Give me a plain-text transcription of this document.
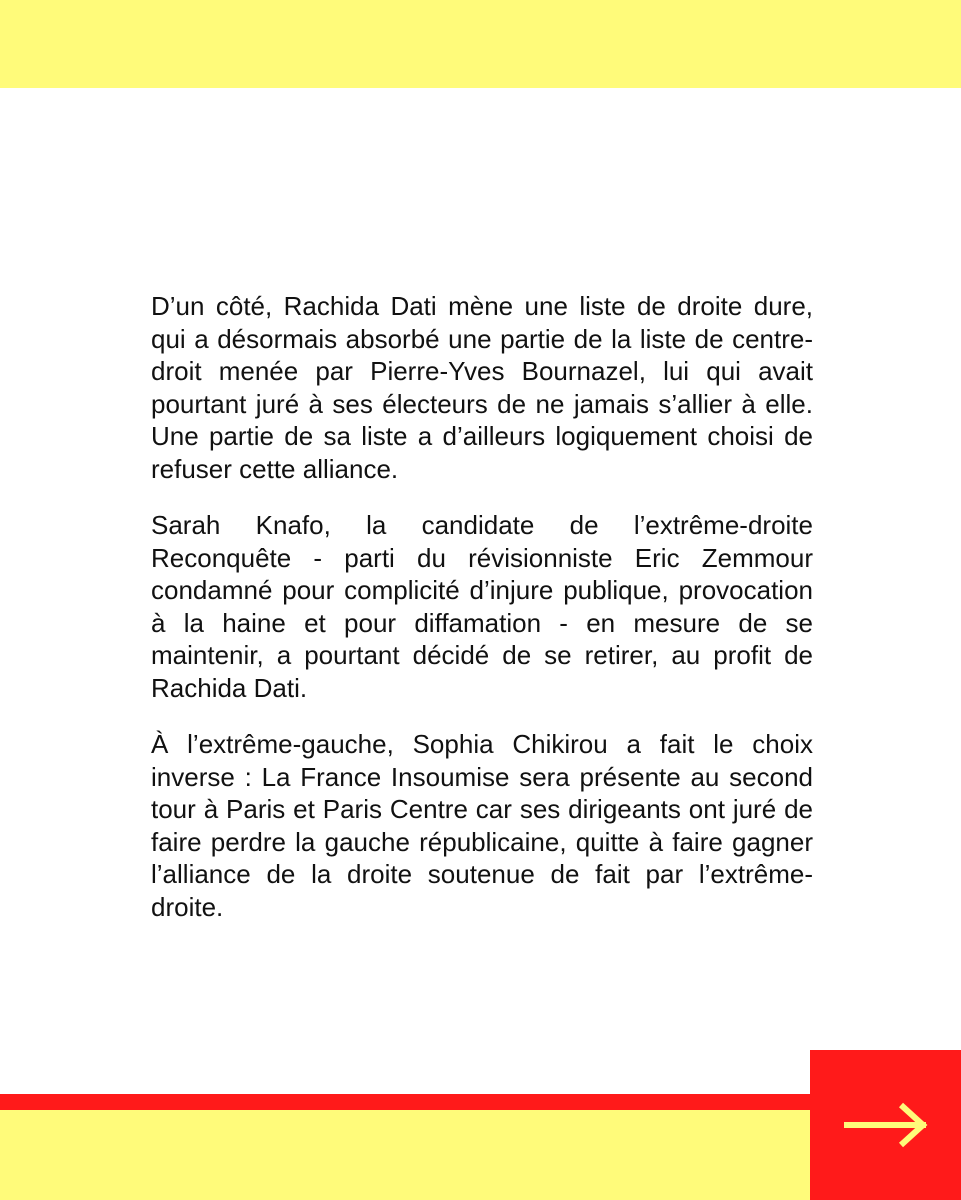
D’un côté, Rachida Dati mène une liste de droite dure, qui a désormais absorbé une partie de la liste de centre-droit menée par Pierre-Yves Bournazel, lui qui avait pourtant juré à ses électeurs de ne jamais s’allier à elle. Une partie de sa liste a d’ailleurs logiquement choisi de refuser cette alliance.

Sarah Knafo, la candidate de l’extrême-droite Reconquête - parti du révisionniste Eric Zemmour condamné pour complicité d’injure publique, provocation à la haine et pour diffamation - en mesure de se maintenir, a pourtant décidé de se retirer, au profit de Rachida Dati.

À l’extrême-gauche, Sophia Chikirou a fait le choix inverse : La France Insoumise sera présente au second tour à Paris et Paris Centre car ses dirigeants ont juré de faire perdre la gauche républicaine, quitte à faire gagner l’alliance de la droite soutenue de fait par l’extrême-droite.
